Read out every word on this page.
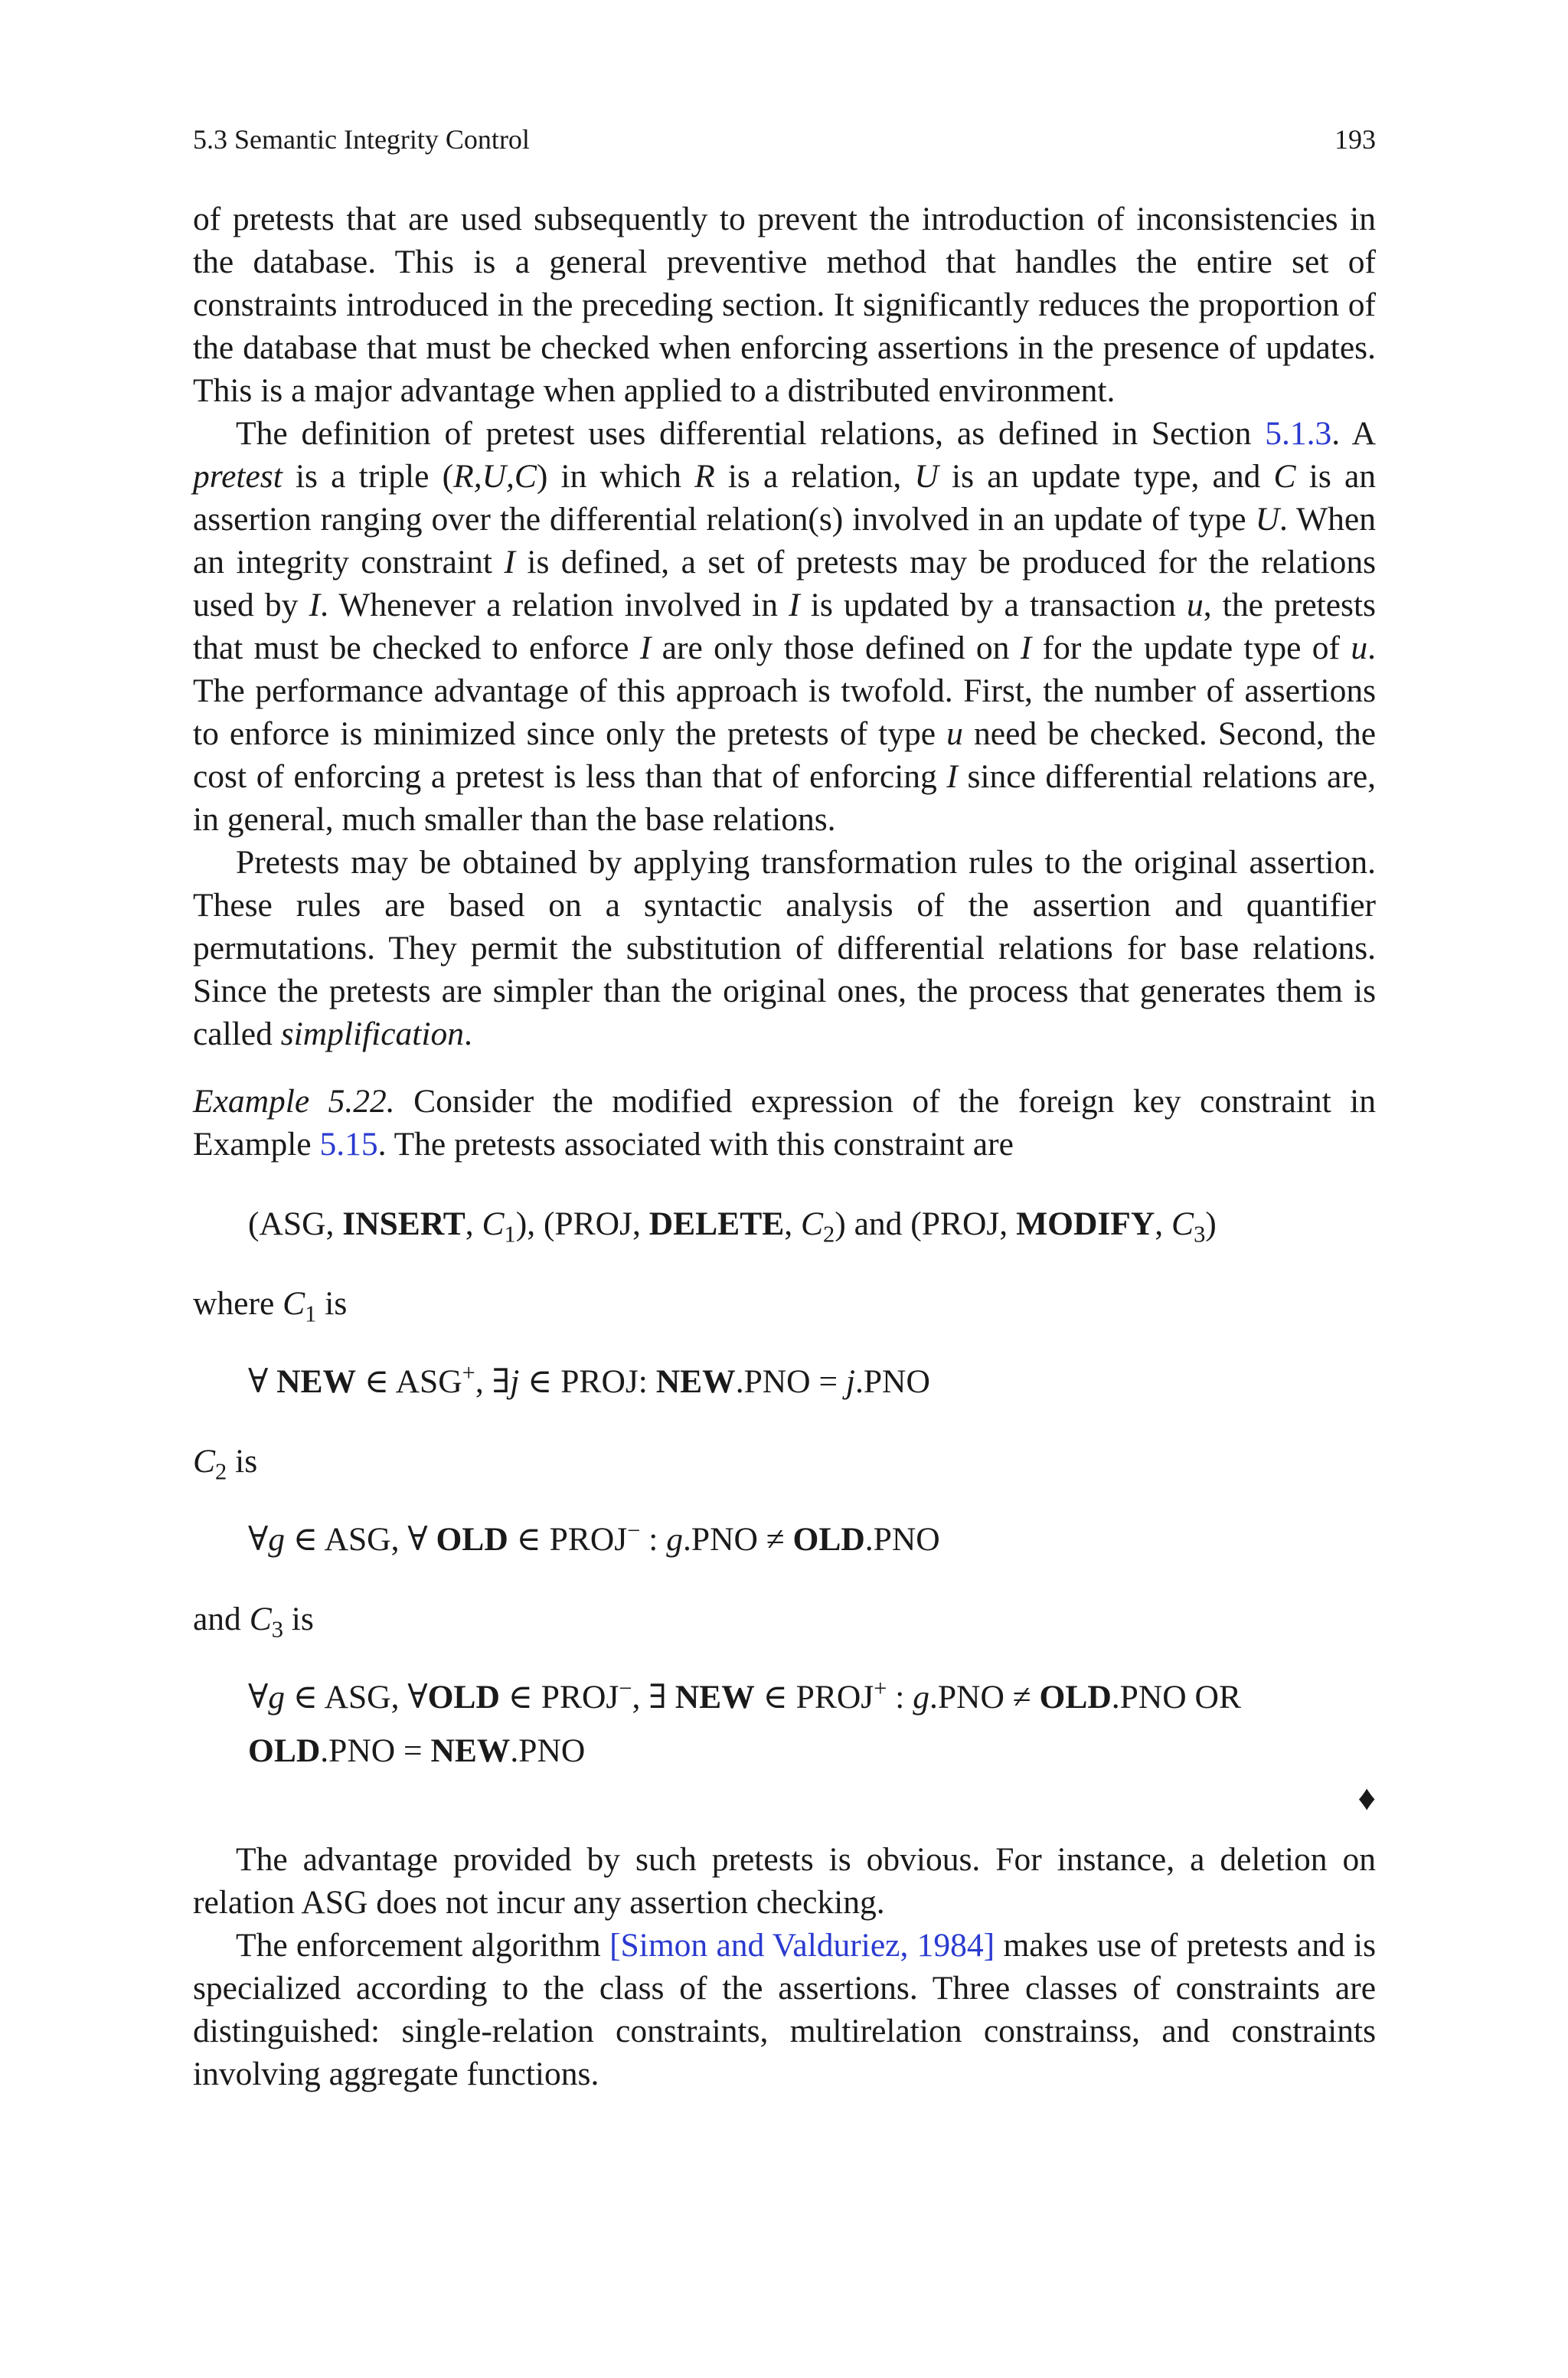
5.3 Semantic Integrity Control	193

of pretests that are used subsequently to prevent the introduction of inconsistencies in the database. This is a general preventive method that handles the entire set of constraints introduced in the preceding section. It significantly reduces the proportion of the database that must be checked when enforcing assertions in the presence of updates. This is a major advantage when applied to a distributed environment.

The definition of pretest uses differential relations, as defined in Section 5.1.3. A pretest is a triple (R,U,C) in which R is a relation, U is an update type, and C is an assertion ranging over the differential relation(s) involved in an update of type U. When an integrity constraint I is defined, a set of pretests may be produced for the relations used by I. Whenever a relation involved in I is updated by a transaction u, the pretests that must be checked to enforce I are only those defined on I for the update type of u. The performance advantage of this approach is twofold. First, the number of assertions to enforce is minimized since only the pretests of type u need be checked. Second, the cost of enforcing a pretest is less than that of enforcing I since differential relations are, in general, much smaller than the base relations.

Pretests may be obtained by applying transformation rules to the original assertion. These rules are based on a syntactic analysis of the assertion and quantifier permutations. They permit the substitution of differential relations for base relations. Since the pretests are simpler than the original ones, the process that generates them is called simplification.

Example 5.22. Consider the modified expression of the foreign key constraint in Example 5.15. The pretests associated with this constraint are

(ASG, INSERT, $C_1$), (PROJ, DELETE, $C_2$) and (PROJ, MODIFY, $C_3$)

where $C_1$ is

∀ NEW ∈ ASG+, ∃j ∈ PROJ: NEW.PNO = j.PNO

$C_2$ is

∀g ∈ ASG, ∀ OLD ∈ PROJ− : g.PNO ≠ OLD.PNO

and $C_3$ is

∀g ∈ ASG, ∀OLD ∈ PROJ−, ∃ NEW ∈ PROJ+ : g.PNO ≠ OLD.PNO OR

OLD.PNO = NEW.PNO

♦

The advantage provided by such pretests is obvious. For instance, a deletion on relation ASG does not incur any assertion checking.

The enforcement algorithm [Simon and Valduriez, 1984] makes use of pretests and is specialized according to the class of the assertions. Three classes of constraints are distinguished: single-relation constraints, multirelation constrainss, and constraints involving aggregate functions.
